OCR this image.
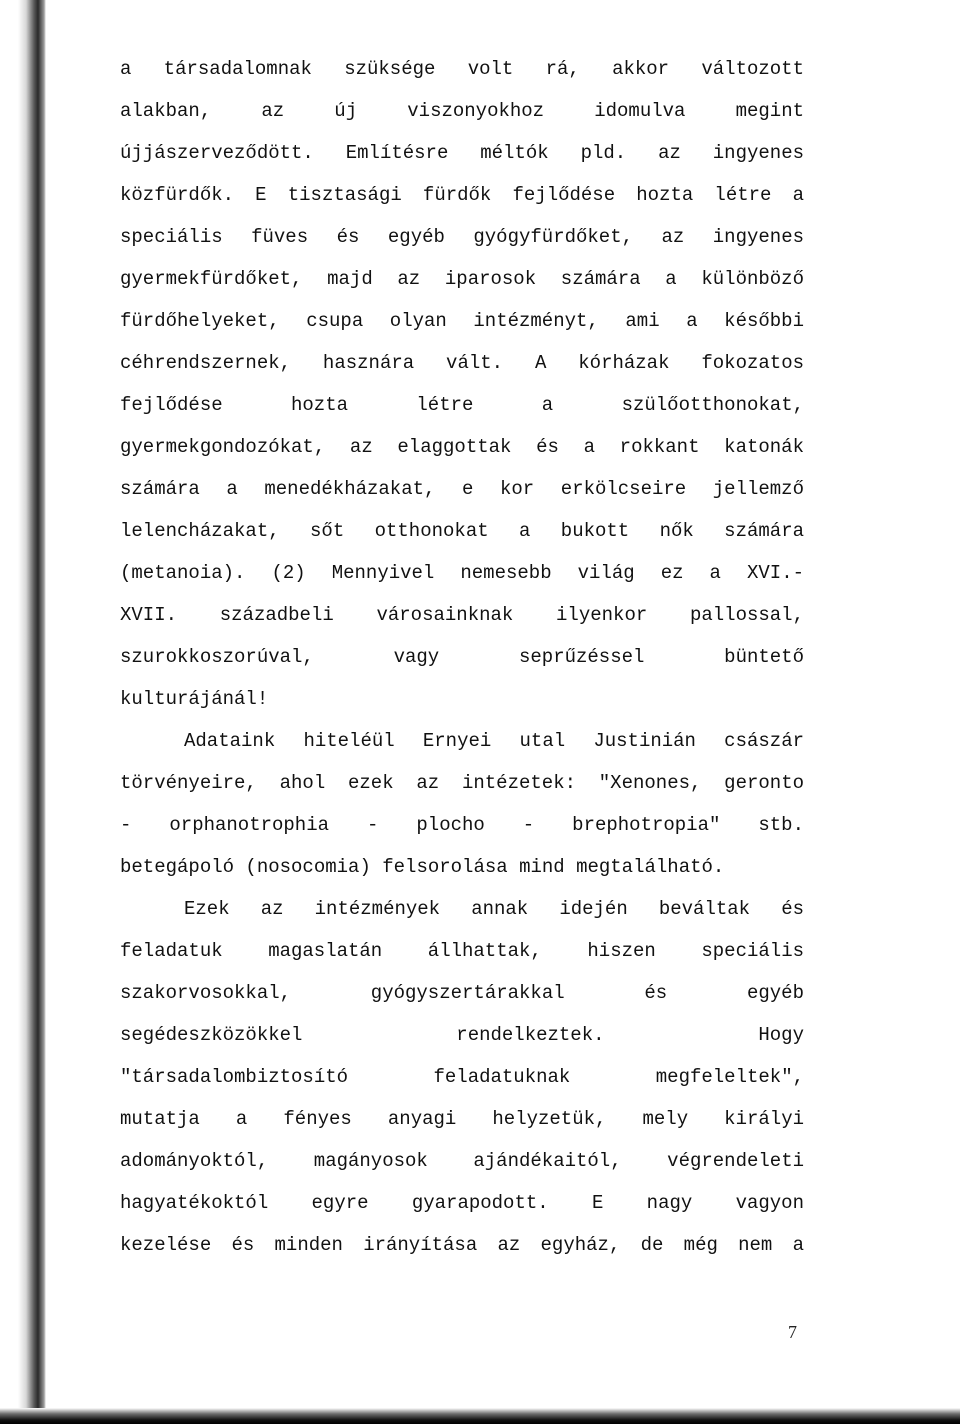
a társadalomnak szüksége volt rá, akkor változott
alakban, az új viszonyokhoz idomulva megint
újjászerveződött. Említésre méltók pld. az ingyenes
közfürdők. E tisztasági fürdők fejlődése hozta létre a
speciális füves és egyéb gyógyfürdőket, az ingyenes
gyermekfürdőket, majd az iparosok számára a különböző
fürdőhelyeket, csupa olyan intézményt, ami a későbbi
céhrendszernek, hasznára vált. A kórházak fokozatos
fejlődése hozta létre a szülőotthonokat,
gyermekgondozókat, az elaggottak és a rokkant katonák
számára a menedékházakat, e kor erkölcseire jellemző
lelencházakat, sőt otthonokat a bukott nők számára
(metanoia). (2) Mennyivel nemesebb világ ez a XVI.-
XVII. századbeli városainknak ilyenkor pallossal,
szurokkoszorúval, vagy seprűzéssel büntető
kulturájánál!
Adataink hiteléül Ernyei utal Justinián császár
törvényeire, ahol ezek az intézetek: "Xenones, geronto
- orphanotrophia - plocho - brephotropia" stb.
betegápoló (nosocomia) felsorolása mind megtalálható.
Ezek az intézmények annak idején beváltak és
feladatuk magaslatán állhattak, hiszen speciális
szakorvosokkal, gyógyszertárakkal és egyéb
segédeszközökkel rendelkeztek. Hogy
"társadalombiztosító feladatuknak megfeleltek",
mutatja a fényes anyagi helyzetük, mely királyi
adományoktól, magányosok ajándékaitól, végrendeleti
hagyatékoktól egyre gyarapodott. E nagy vagyon
kezelése és minden irányítása az egyház, de még nem a
7
